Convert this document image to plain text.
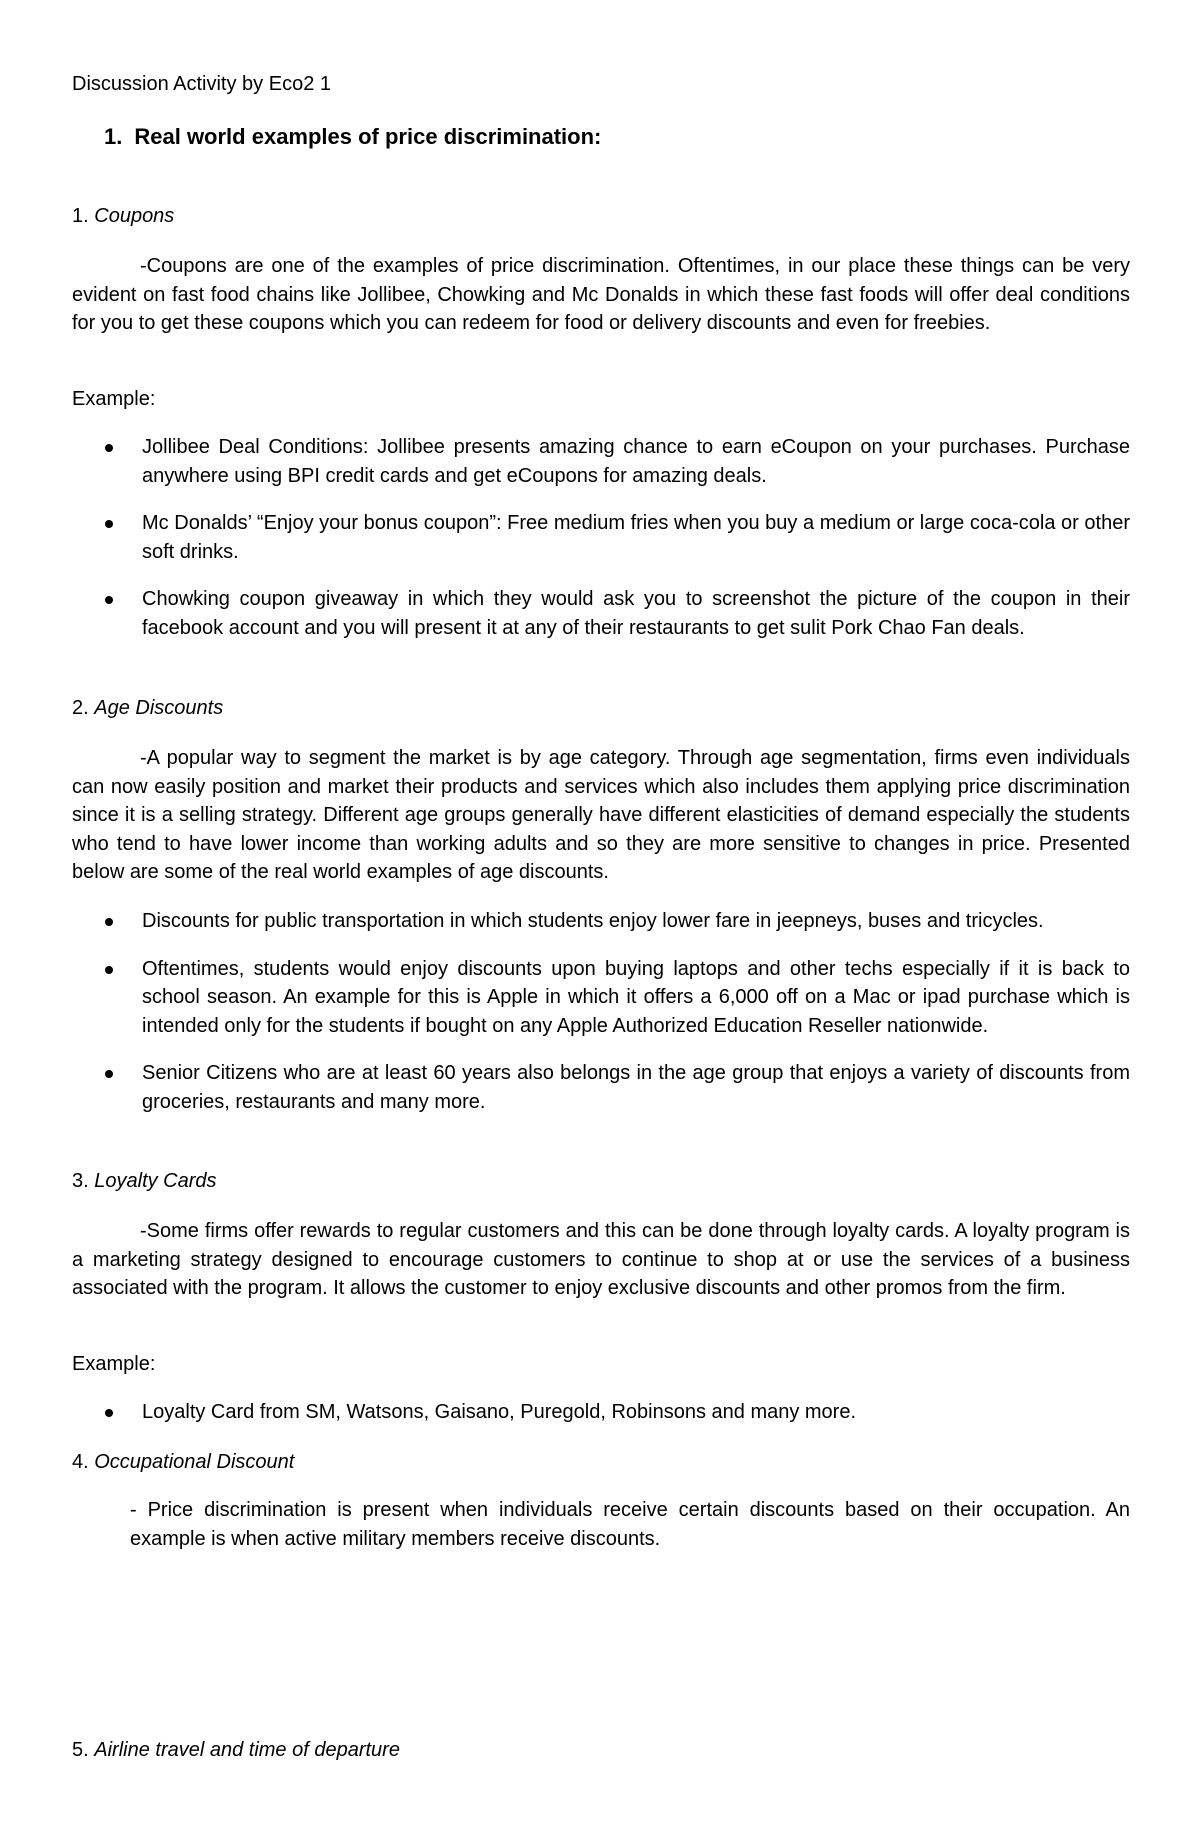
Discussion Activity by Eco2 1
1. Real world examples of price discrimination:
1. Coupons
-Coupons are one of the examples of price discrimination. Oftentimes, in our place these things can be very evident on fast food chains like Jollibee, Chowking and Mc Donalds in which these fast foods will offer deal conditions for you to get these coupons which you can redeem for food or delivery discounts and even for freebies.
Example:
Jollibee Deal Conditions: Jollibee presents amazing chance to earn eCoupon on your purchases. Purchase anywhere using BPI credit cards and get eCoupons for amazing deals.
Mc Donalds’ “Enjoy your bonus coupon”: Free medium fries when you buy a medium or large coca-cola or other soft drinks.
Chowking coupon giveaway in which they would ask you to screenshot the picture of the coupon in their facebook account and you will present it at any of their restaurants to get sulit Pork Chao Fan deals.
2. Age Discounts
-A popular way to segment the market is by age category. Through age segmentation, firms even individuals can now easily position and market their products and services which also includes them applying price discrimination since it is a selling strategy. Different age groups generally have different elasticities of demand especially the students who tend to have lower income than working adults and so they are more sensitive to changes in price. Presented below are some of the real world examples of age discounts.
Discounts for public transportation in which students enjoy lower fare in jeepneys, buses and tricycles.
Oftentimes, students would enjoy discounts upon buying laptops and other techs especially if it is back to school season. An example for this is Apple in which it offers a 6,000 off on a Mac or ipad purchase which is intended only for the students if bought on any Apple Authorized Education Reseller nationwide.
Senior Citizens who are at least 60 years also belongs in the age group that enjoys a variety of discounts from groceries, restaurants and many more.
3. Loyalty Cards
-Some firms offer rewards to regular customers and this can be done through loyalty cards. A loyalty program is a marketing strategy designed to encourage customers to continue to shop at or use the services of a business associated with the program. It allows the customer to enjoy exclusive discounts and other promos from the firm.
Example:
Loyalty Card from SM, Watsons, Gaisano, Puregold, Robinsons and many more.
4. Occupational Discount
- Price discrimination is present when individuals receive certain discounts based on their occupation. An example is when active military members receive discounts.
5. Airline travel and time of departure
